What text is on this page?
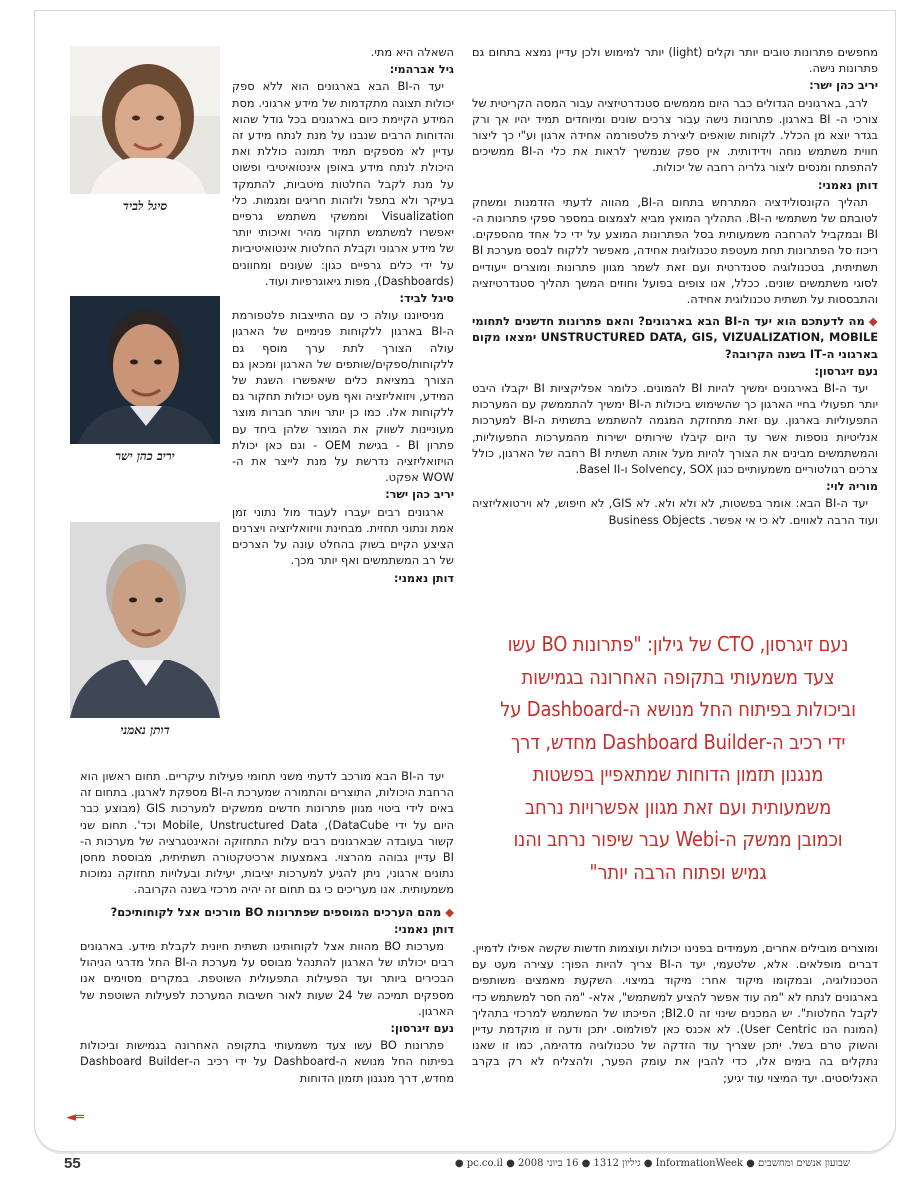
מחפשים פתרונות טובים יותר וקלים (light) יותר למימוש ולכן עדיין נמצא בתחום גם פתרונות נישה.

יריב כהן ישר:

לרב, בארגונים הגדולים כבר היום מממשים סטנדרטיזציה עבור המסה הקריטית של צורכי ה- BI בארגון. פתרונות נישה עבור צרכים שונים ומיוחדים תמיד יהיו אך ורק בגדר יוצא מן הכלל. לקוחות שואפים ליצירת פלטפורמה אחידה ארגון וע"י כך ליצור חווית משתמש נוחה וידידותית. אין ספק שנמשיך לראות את כלי ה-BI ממשיכים להתפתח ומנסים ליצור גלריה רחבה של יכולות.

דותן נאמני:

תהליך הקונסולידציה המתרחש בתחום ה-BI, מהווה לדעתי הזדמנות ומשחק לטובתם של משתמשי ה-BI. התהליך המואץ מביא לצמצום במספר ספקי פתרונות ה-BI ובמקביל להרחבה משמעותית בסל הפתרונות המוצע על ידי כל אחד מהספקים. ריכוז סל הפתרונות תחת מעטפת טכנולוגית אחידה, מאפשר ללקוח לבסס מערכת BI תשתיתית, בטכנולוגיה סטנדרטית ועם זאת לשמר מגוון פתרונות ומוצרים ייעודיים לסוגי משתמשים שונים. ככלל, אנו צופים בפועל וחוזים המשך תהליך סטנדרטיזציה והתבססות על תשתית טכנולוגית אחידה.

◆מה לדעתכם הוא יעד ה-BI הבא בארגונים? והאם פתרונות חדשנים לתחומי UNSTRUCTURED DATA, GIS, VIZUALIZATION, MOBILE ימצאו מקום בארגוני ה-IT בשנה הקרובה?

נעם זיגרסון:

יעד ה-BI באירגונים ימשיך להיות BI להמונים. כלומר אפליקציות BI יקבלו היבט יותר תפעולי בחיי הארגון כך שהשימוש ביכולות ה-BI ימשיך להתממשק עם המערכות התפעוליות בארגון. עם זאת מתחזקת המגמה להשתמש בתשתית ה-BI למערכות אנליטיות נוספות אשר עד היום קיבלו שירותים ישירות מהמערכות התפעוליות, והמשתמשים מבינים את הצורך להיות מעל אותה תשתית BI רחבה של הארגון, כולל צרכים רגולטוריים משמעותיים כגון Solvency, SOX ו-Basel II.

מוריה לוי:

יעד ה-BI הבא: אומר בפשטות, לא ולא ולא. לא GIS, לא חיפוש, לא וירטואליזציה ועוד הרבה לאווים. לא כי אי אפשר. Business Objects

נעם זיגרסון, CTO של גילון: "פתרונות BO עשו
צעד משמעותי בתקופה האחרונה בגמישות
וביכולות בפיתוח החל מנושא ה-Dashboard על
ידי רכיב ה-Dashboard Builder מחדש, דרך
מנגנון תזמון הדוחות שמתאפיין בפשטות
משמעותית ועם זאת מגוון אפשרויות נרחב
וכמובן ממשק ה-Webi עבר שיפור נרחב והנו
גמיש ופתוח הרבה יותר"

ומוצרים מובילים אחרים, מעמידים בפנינו יכולות ועוצמות חדשות שקשה אפילו לדמיין. דברים מופלאים. אלא, שלטעמי, יעד ה-BI צריך להיות הפוך: עצירה מעט עם הטכנולוגיה, ובמקומו מיקוד אחר: מיקוד במיצוי. השקעת מאמצים משותפים בארגונים לנתח לא "מה עוד אפשר להציע למשתמש", אלא- "מה חסר למשתמש כדי לקבל החלטות". יש המכנים שינוי זה BI2.0; הפיכתו של המשתמש למרכזי בתהליך (המונח הנו User Centric). לא אכנס כאן לפולמוס. יתכן ודעה זו מוקדמת עדיין והשוק טרם בשל. יתכן שצריך עוד הזדקה של טכנולוגיה מדהימה, כמו זו שאנו נתקלים בה בימים אלו, כדי להבין את עומק הפער, ולהצליח לא רק בקרב האנליסטים. יעד המיצוי עוד יגיע;

השאלה היא מתי.

גיל אברהמי:

יעד ה-BI הבא בארגונים הוא ללא ספק יכולות תצוגה מתקדמות של מידע ארגוני. מסת המידע הקיימת כיום בארגונים בכל גודל שהוא והדוחות הרבים שנבנו על מנת לנתח מידע זה עדיין לא מספקים תמיד תמונה כוללת ואת היכולת לנתח מידע באופן אינטואיטיבי ופשוט על מנת לקבל החלטות מיטביות, להתמקד בעיקר ולא בתפל ולזהות חריגים ומגמות. כלי Visualization וממשקי משתמש גרפיים יאפשרו למשתמש תחקור מהיר ואיכותי יותר של מידע ארגוני וקבלת החלטות אינטואיטיביות על ידי כלים גרפיים כגון: שעונים ומחוונים (Dashboards), מפות גיאוגרפיות ועוד.

סיגל לביד:

מניסיוננו עולה כי עם התייצבות פלטפורמת ה-BI בארגון ללקוחות פנימיים של הארגון עולה הצורך לתת ערך מוסף גם ללקוחות/ספקים/שותפים של הארגון ומכאן גם הצורך במציאת כלים שיאפשרו השגת של המידע, ויזואליזציה ואף מעט יכולות תחקור גם ללקוחות אלו. כמו כן יותר ויותר חברות מוצר מעוניינות לשווק את המוצר שלהן ביחד עם פתרון BI - בגישת OEM - וגם כאן יכולת הויזואליזציה נדרשת על מנת לייצר את ה-WOW אפקט.

יריב כהן ישר:

ארגונים רבים יעברו לעבוד מול נתוני זמן אמת ונתוני תחזית. מבחינת וויזואליזציה ויצרנים הציצע הקיים בשוק בהחלט עונה על הצרכים של רב המשתמשים ואף יותר מכך.

דותן נאמני:

יעד ה-BI הבא מורכב לדעתי משני תחומי פעילות עיקריים. תחום ראשון הוא הרחבת היכולות, התוצרים והתמורה שמערכת ה-BI מספקת לארגון. בתחום זה באים לידי ביטוי מגוון פתרונות חדשים ממשקים למערכות GIS (מבוצע כבר היום על ידי DataCube), Mobile, Unstructured Data וכד'. תחום שני קשור בעובדה שבארגונים רבים עלות התחזוקה והאינטגרציה של מערכות ה-BI עדיין גבוהה מהרצוי. באמצעות ארכיטקטורה תשתיתית, מבוססת מחסן נתונים ארגוני, ניתן להגיע למערכות יציבות, יעילות ובעלויות תחזוקה נמוכות משמעותית. אנו מעריכים כי גם תחום זה יהיה מרכזי בשנה הקרובה.

◆מהם הערכים המוספים שפתרונות BO מורכים אצל לקוחותיכם?

דותן נאמני:

מערכות BO מהוות אצל לקוחותינו תשתית חיונית לקבלת מידע. בארגונים רבים יכולתו של הארגון להתנהל מבוסס על מערכת ה-BI החל מדרגי הניהול הבכירים ביותר ועד הפעילות התפעולית השוטפת. במקרים מסוימים אנו מספקים תמיכה של 24 שעות לאור חשיבות המערכת לפעילות השוטפת של הארגון.

נעם זיגרסון:

פתרונות BO עשו צעד משמעותי בתקופה האחרונה בגמישות וביכולות בפיתוח החל מנושא ה-Dashboard על ידי רכיב ה-Dashboard Builder מחדש, דרך מנגנון תזמון הדוחות

סיגל לביד
יריב כהן ישר
דותן נאמני
◄═
55	שבועון אנשים ומחשבים ● InformationWeek ● גיליון 1312 ● 16 ביוני 2008 ● pc.co.il ●
